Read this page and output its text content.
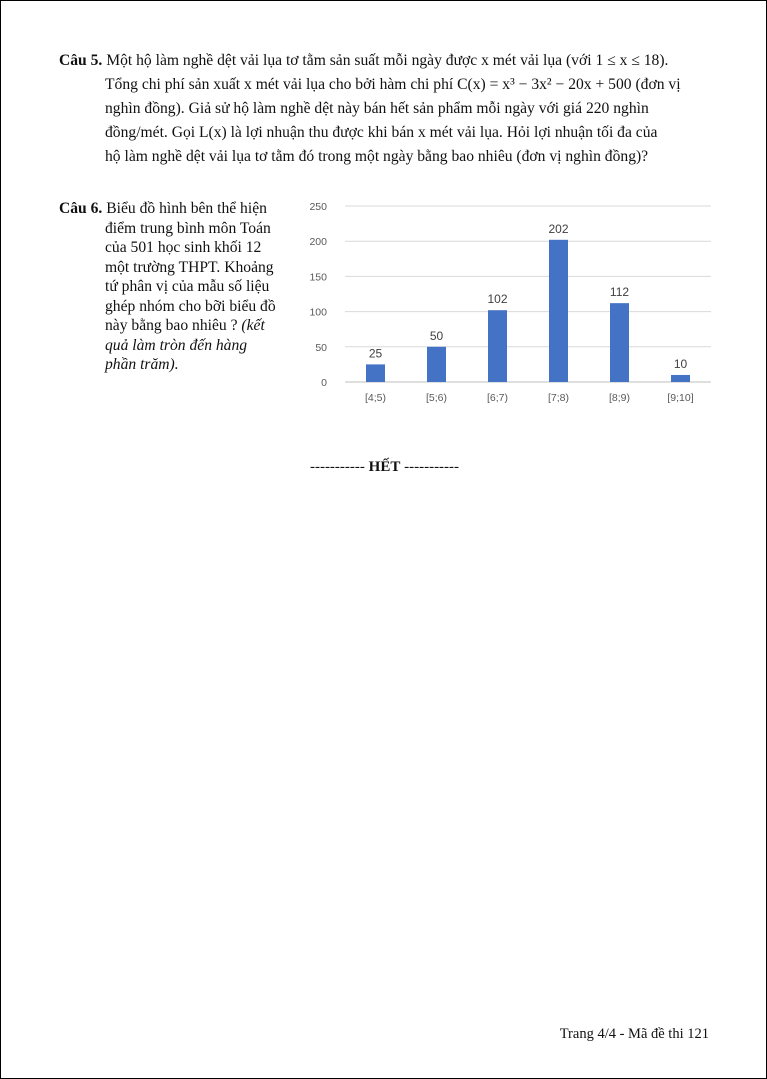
Câu 5. Một hộ làm nghề dệt vải lụa tơ tằm sản suất mỗi ngày được x mét vải lụa (với 1 ≤ x ≤ 18).
Tổng chi phí sản xuất x mét vải lụa cho bởi hàm chi phí C(x) = x³ − 3x² − 20x + 500 (đơn vị
nghìn đồng). Giả sử hộ làm nghề dệt này bán hết sản phẩm mỗi ngày với giá 220 nghìn
đồng/mét. Gọi L(x) là lợi nhuận thu được khi bán x mét vải lụa. Hỏi lợi nhuận tối đa của
hộ làm nghề dệt vải lụa tơ tằm đó trong một ngày bằng bao nhiêu (đơn vị nghìn đồng)?
Câu 6. Biểu đồ hình bên thể hiện
điểm trung bình môn Toán
của 501 học sinh khối 12
một trường THPT. Khoảng
tứ phân vị của mẫu số liệu
ghép nhóm cho bỡi biểu đồ
này bằng bao nhiêu ? (kết
quả làm tròn đến hàng
phần trăm).
0
50
100
150
200
250
25
[4;5)
50
[5;6)
102
[6;7)
202
[7;8)
112
[8;9)
10
[9;10]
----------- HẾT -----------
Trang 4/4 - Mã đề thi 121
